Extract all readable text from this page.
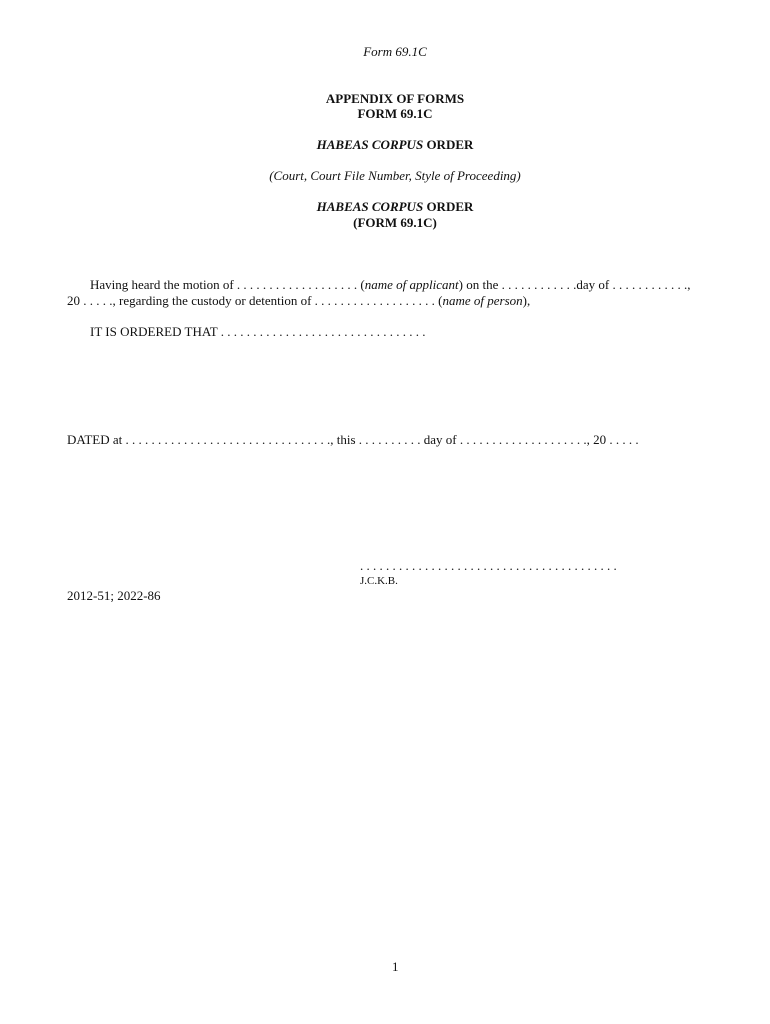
Form 69.1C
APPENDIX OF FORMS
FORM 69.1C
HABEAS CORPUS ORDER
(Court, Court File Number, Style of Proceeding)
HABEAS CORPUS ORDER
(FORM 69.1C)
Having heard the motion of . . . . . . . . . . . . . . . . . . . (name of applicant) on the . . . . . . . . . . . .day of . . . . . . . . . . . .,
20 . . . . ., regarding the custody or detention of . . . . . . . . . . . . . . . . . . . (name of person),
IT IS ORDERED THAT . . . . . . . . . . . . . . . . . . . . . . . . . . . . . . . .
DATED at . . . . . . . . . . . . . . . . . . . . . . . . . . . . . . . ., this . . . . . . . . . . day of . . . . . . . . . . . . . . . . . . . ., 20 . . . . .
. . . . . . . . . . . . . . . . . . . . . . . . . . . . . . . . . . . . . . . .
J.C.K.B.
2012-51; 2022-86
1
